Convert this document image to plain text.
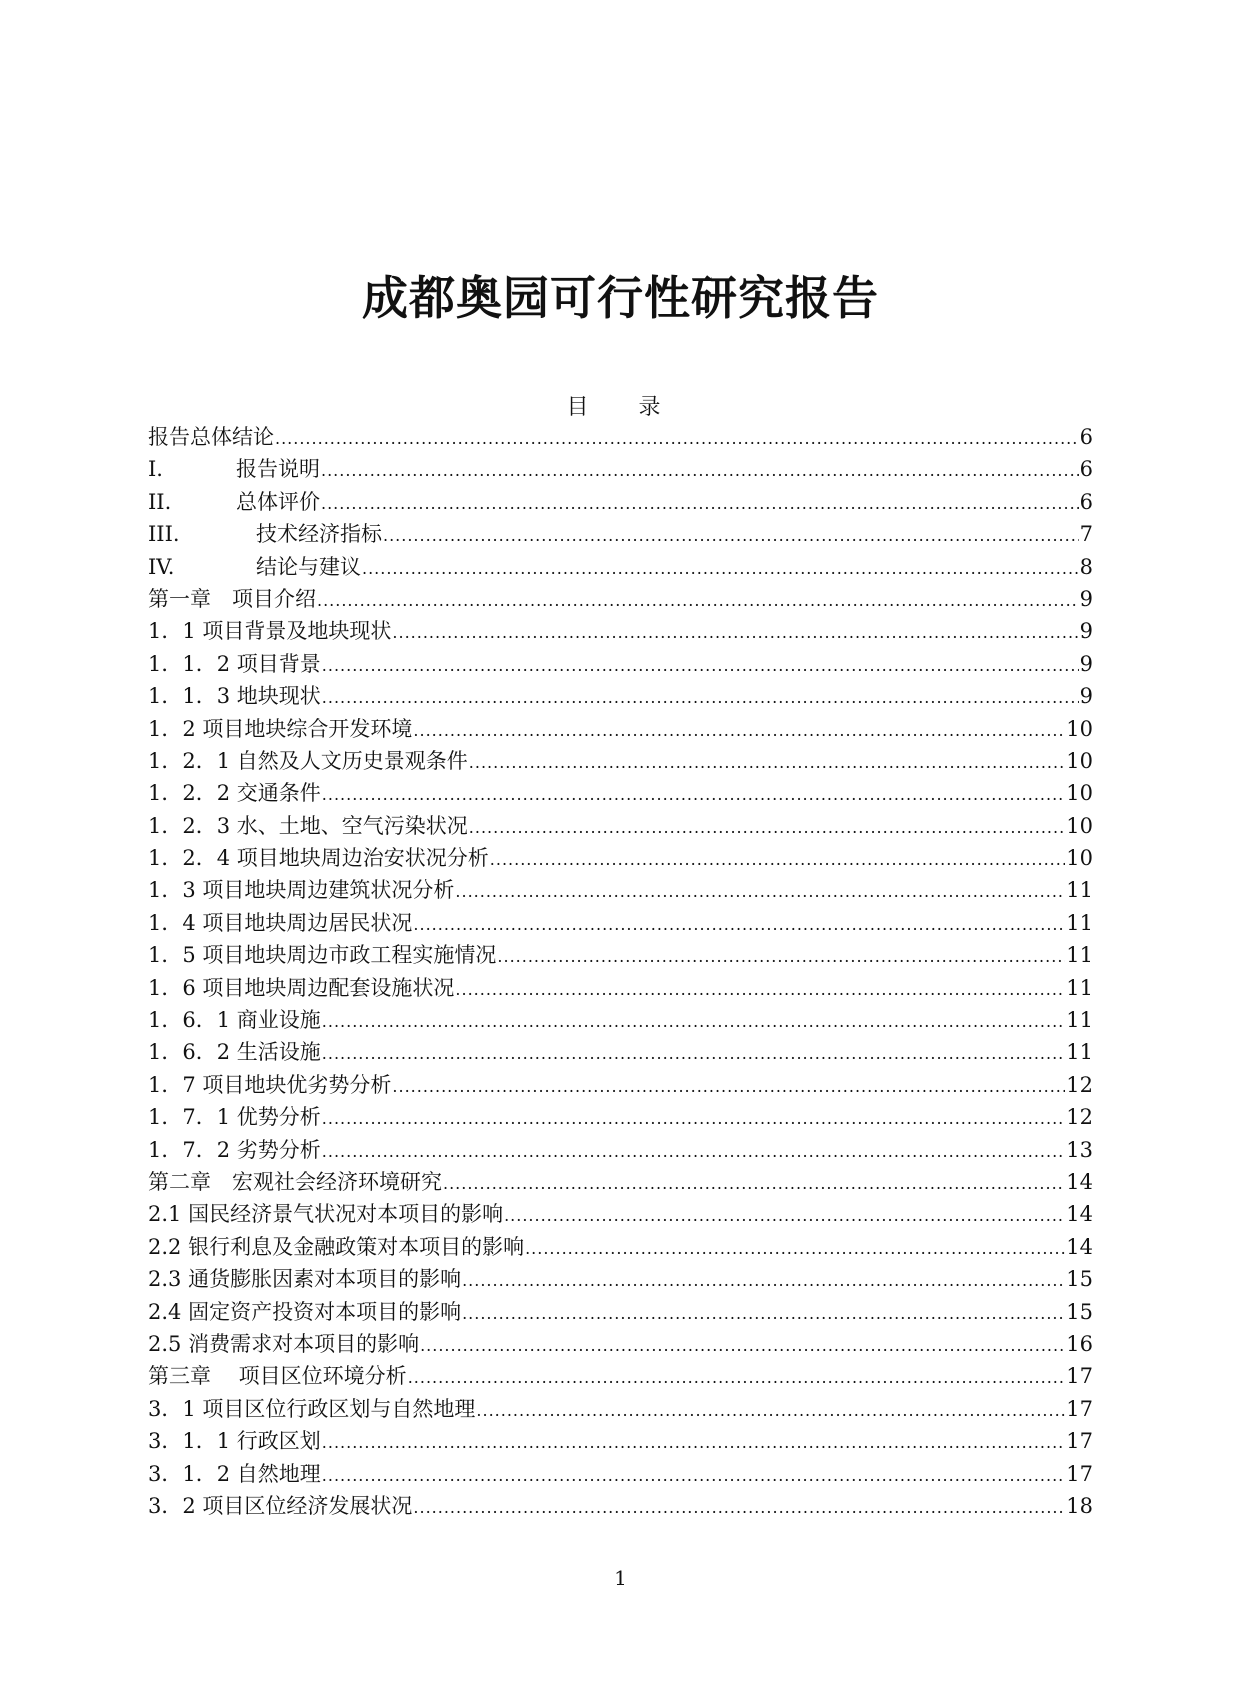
成都奥园可行性研究报告
目　录
报告总体结论 .....	6
I.	报告说明 .....	6
II.	总体评价 .....	6
III.	技术经济指标 .....	7
IV.	结论与建议 .....	8
第一章　项目介绍 .....	9
1．1 项目背景及地块现状 .....	9
1．1．2 项目背景 .....	9
1．1．3 地块现状 .....	9
1．2 项目地块综合开发环境 .....	10
1．2．1 自然及人文历史景观条件 .....	10
1．2．2 交通条件 .....	10
1．2．3 水、土地、空气污染状况 .....	10
1．2．4 项目地块周边治安状况分析 .....	10
1．3 项目地块周边建筑状况分析 .....	11
1．4 项目地块周边居民状况 .....	11
1．5 项目地块周边市政工程实施情况 .....	11
1．6 项目地块周边配套设施状况 .....	11
1．6．1 商业设施 .....	11
1．6．2 生活设施 .....	11
1．7 项目地块优劣势分析 .....	12
1．7．1 优势分析 .....	12
1．7．2 劣势分析 .....	13
第二章　宏观社会经济环境研究 .....	14
2.1 国民经济景气状况对本项目的影响 .....	14
2.2 银行利息及金融政策对本项目的影响 .....	14
2.3 通货膨胀因素对本项目的影响 .....	15
2.4 固定资产投资对本项目的影响 .....	15
2.5 消费需求对本项目的影响 .....	16
第三章　 项目区位环境分析 .....	17
3．1 项目区位行政区划与自然地理 .....	17
3．1．1 行政区划 .....	17
3．1．2 自然地理 .....	17
3．2 项目区位经济发展状况 .....	18
1
